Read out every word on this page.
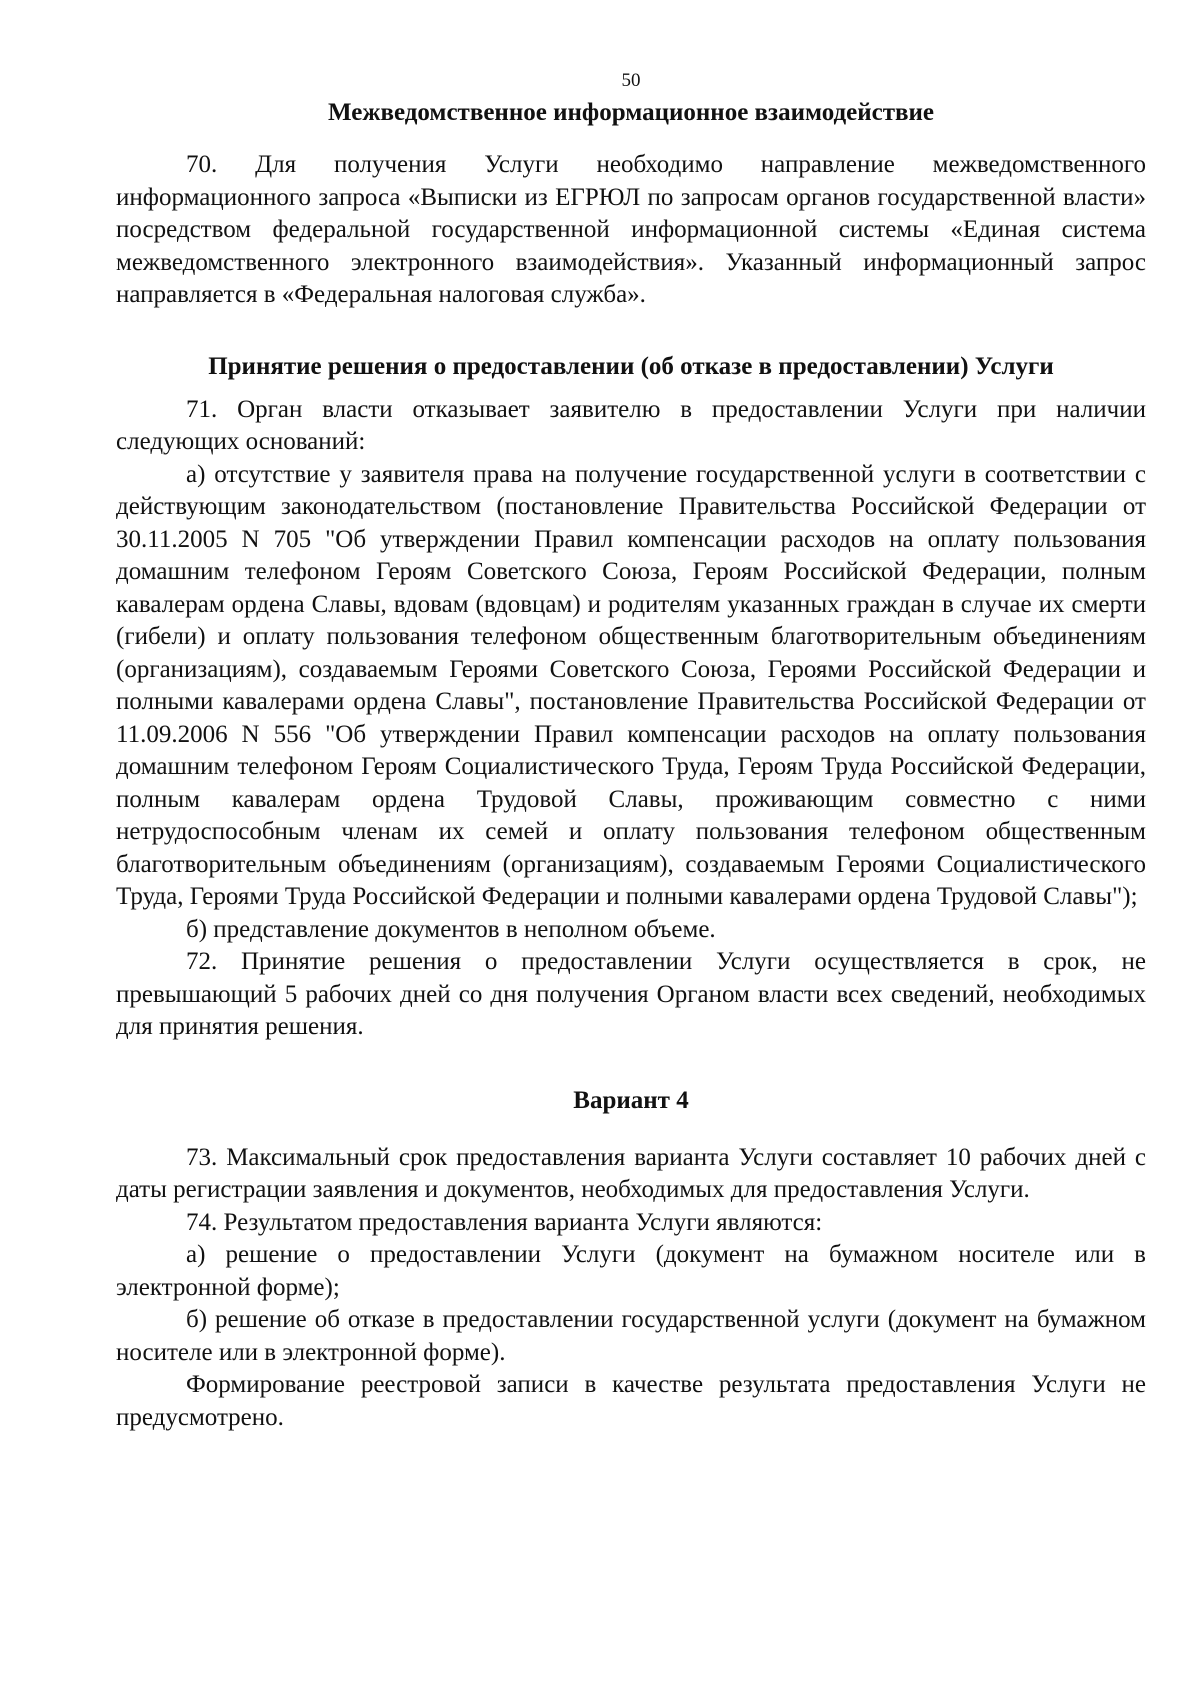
50
Межведомственное информационное взаимодействие

70. Для получения Услуги необходимо направление межведомственного информационного запроса «Выписки из ЕГРЮЛ по запросам органов государственной власти» посредством федеральной государственной информационной системы «Единая система межведомственного электронного взаимодействия». Указанный информационный запрос направляется в «Федеральная налоговая служба».

Принятие решения о предоставлении (об отказе в предоставлении) Услуги

71. Орган власти отказывает заявителю в предоставлении Услуги при наличии следующих оснований:

а) отсутствие у заявителя права на получение государственной услуги в соответствии с действующим законодательством (постановление Правительства Российской Федерации от 30.11.2005 N 705 "Об утверждении Правил компенсации расходов на оплату пользования домашним телефоном Героям Советского Союза, Героям Российской Федерации, полным кавалерам ордена Славы, вдовам (вдовцам) и родителям указанных граждан в случае их смерти (гибели) и оплату пользования телефоном общественным благотворительным объединениям (организациям), создаваемым Героями Советского Союза, Героями Российской Федерации и полными кавалерами ордена Славы", постановление Правительства Российской Федерации от 11.09.2006 N 556 "Об утверждении Правил компенсации расходов на оплату пользования домашним телефоном Героям Социалистического Труда, Героям Труда Российской Федерации, полным кавалерам ордена Трудовой Славы, проживающим совместно с ними нетрудоспособным членам их семей и оплату пользования телефоном общественным благотворительным объединениям (организациям), создаваемым Героями Социалистического Труда, Героями Труда Российской Федерации и полными кавалерами ордена Трудовой Славы");

б) представление документов в неполном объеме.

72. Принятие решения о предоставлении Услуги осуществляется в срок, не превышающий 5 рабочих дней со дня получения Органом власти всех сведений, необходимых для принятия решения.

Вариант 4

73. Максимальный срок предоставления варианта Услуги составляет 10 рабочих дней с даты регистрации заявления и документов, необходимых для предоставления Услуги.

74. Результатом предоставления варианта Услуги являются:

а) решение о предоставлении Услуги (документ на бумажном носителе или в электронной форме);

б) решение об отказе в предоставлении государственной услуги (документ на бумажном носителе или в электронной форме).

Формирование реестровой записи в качестве результата предоставления Услуги не предусмотрено.
